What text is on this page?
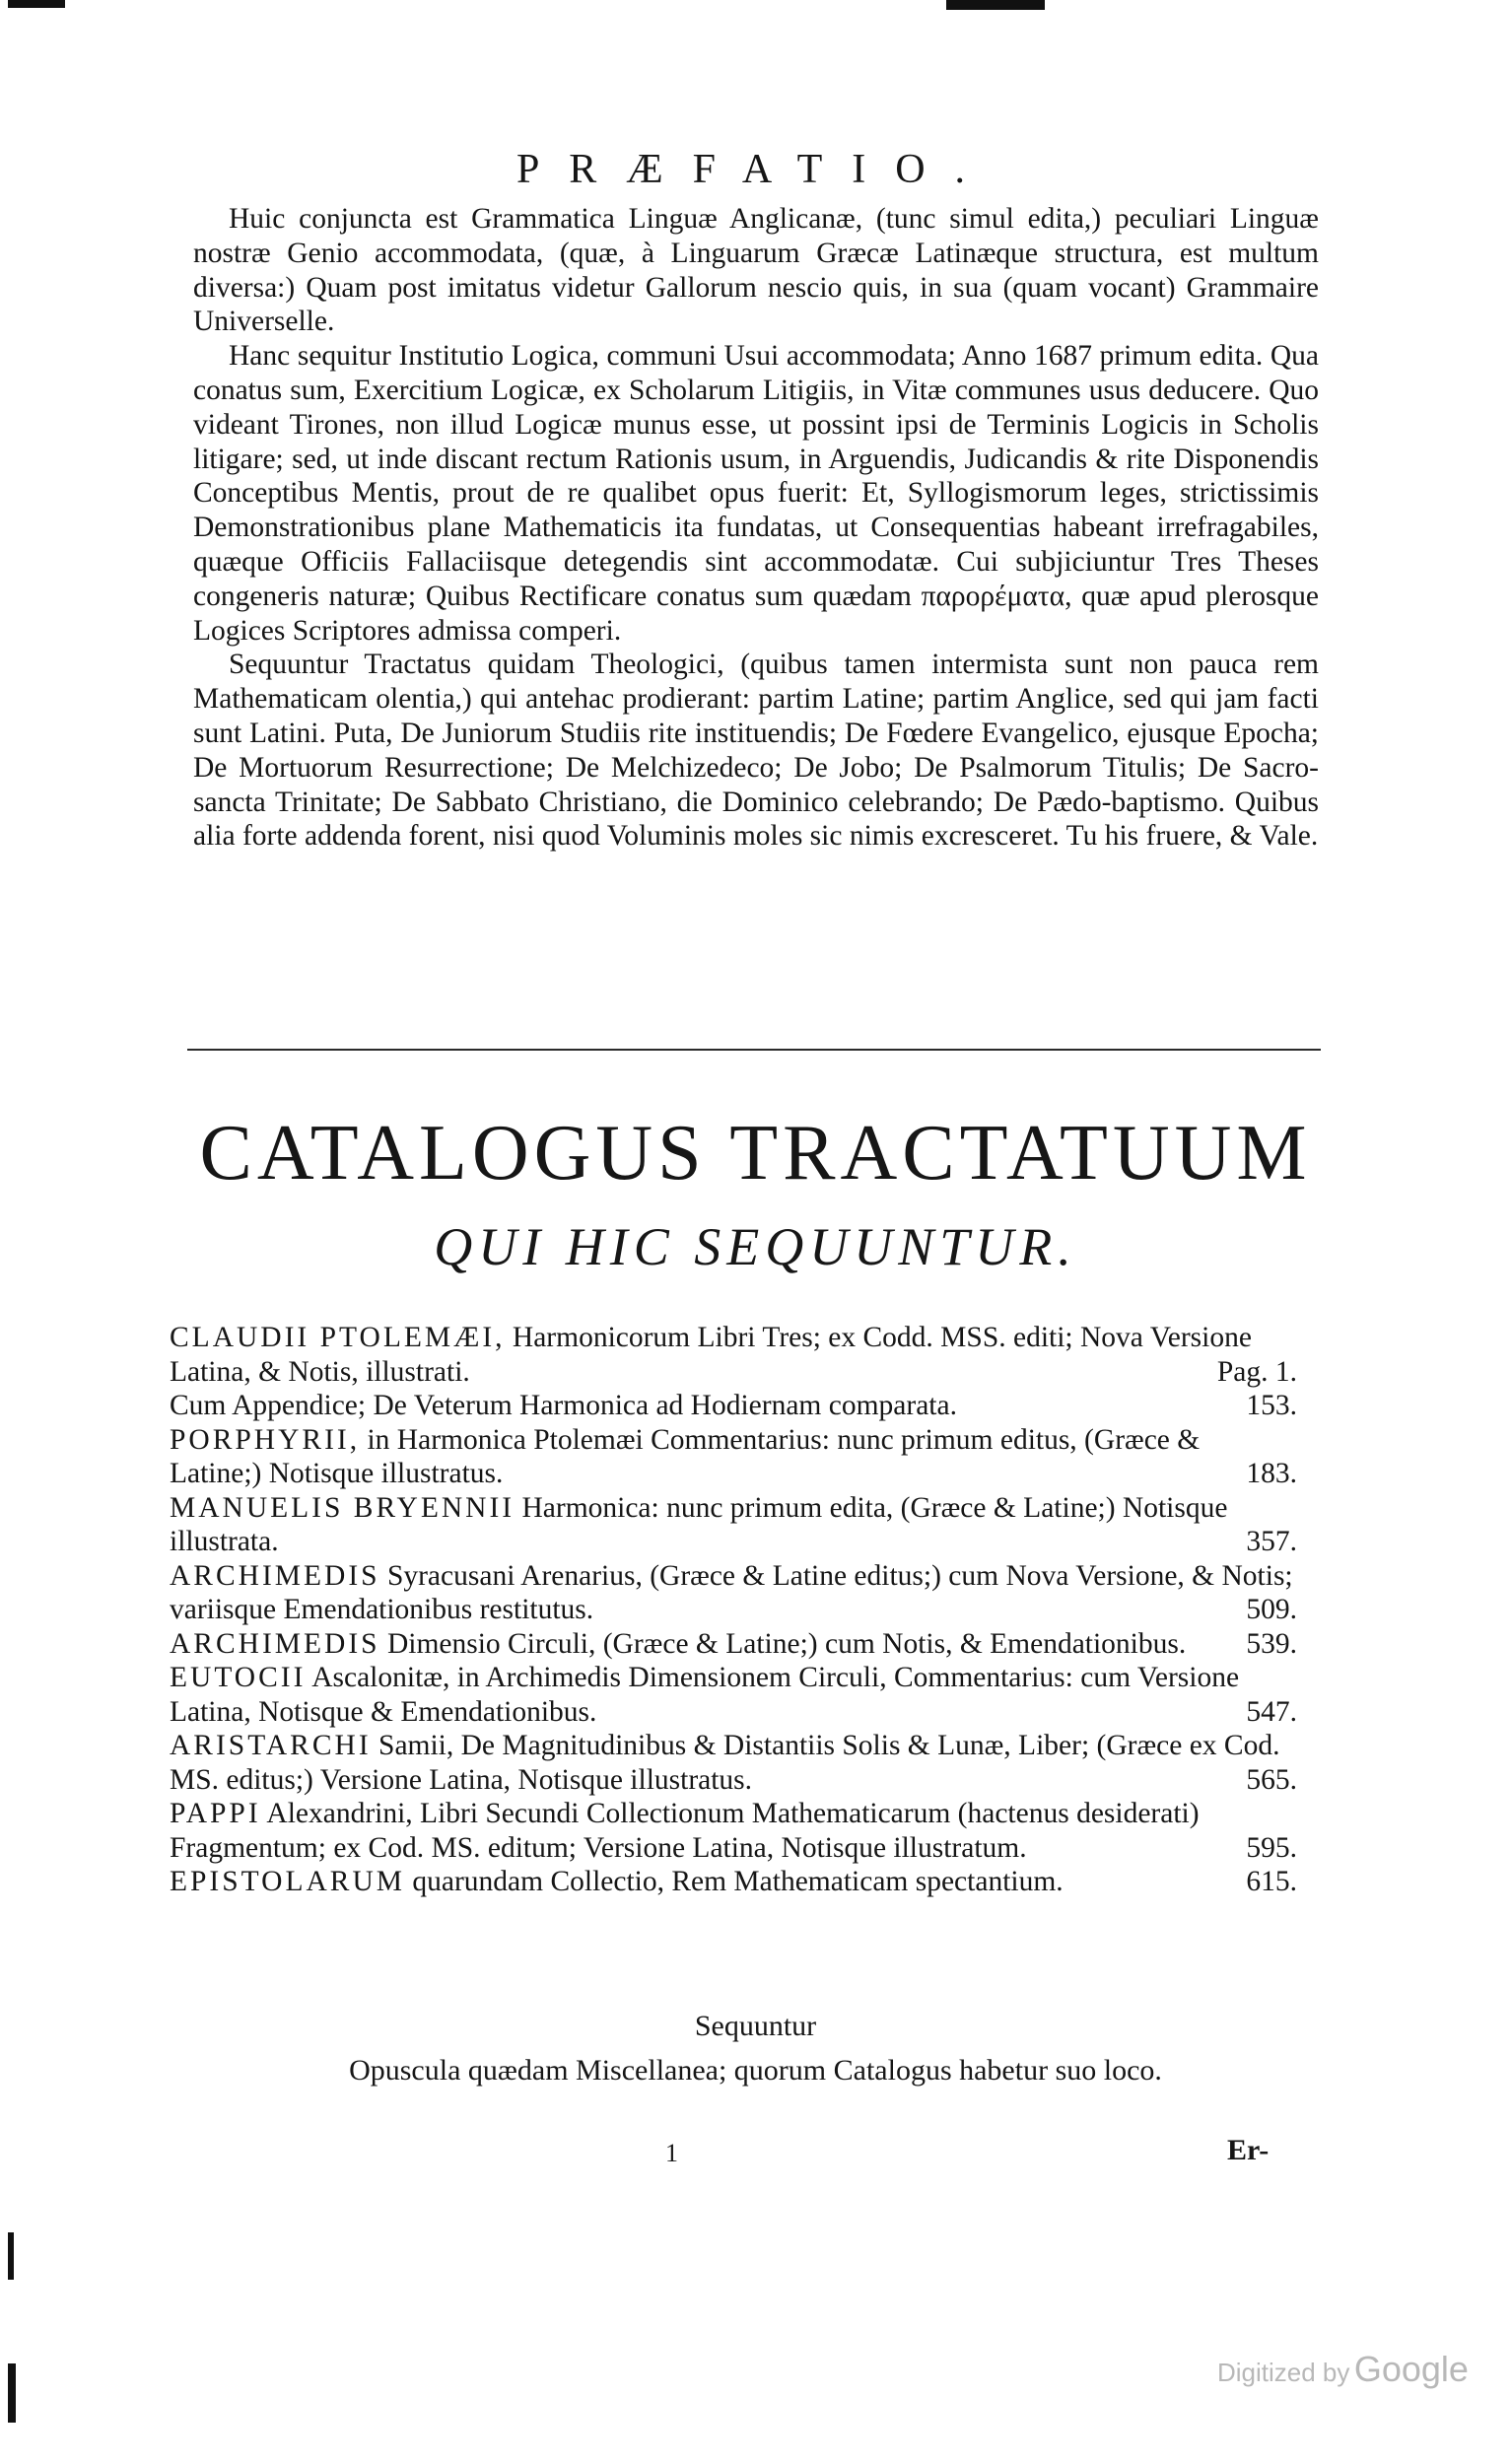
PRÆFATIO.

Huic conjuncta est Grammatica Linguæ Anglicanæ, (tunc simul edita,) peculiari Linguæ nostræ Genio accommodata, (quæ, à Linguarum Græcæ Latinæque structura, est multum diversa:) Quam post imitatus videtur Gallorum nescio quis, in sua (quam vocant) Grammaire Universelle.

Hanc sequitur Institutio Logica, communi Usui accommodata; Anno 1687 primum edita. Qua conatus sum, Exercitium Logicæ, ex Scholarum Litigiis, in Vitæ communes usus deducere. Quo videant Tirones, non illud Logicæ munus esse, ut possint ipsi de Terminis Logicis in Scholis litigare; sed, ut inde discant rectum Rationis usum, in Arguendis, Judicandis & rite Disponendis Conceptibus Mentis, prout de re qualibet opus fuerit: Et, Syllogismorum leges, strictissimis Demonstrationibus plane Mathematicis ita fundatas, ut Consequentias habeant irrefragabiles, quæque Officiis Fallaciisque detegendis sint accommodatæ. Cui subjiciuntur Tres Theses congeneris naturæ; Quibus Rectificare conatus sum quædam παρορέματα, quæ apud plerosque Logices Scriptores admissa comperi.

Sequuntur Tractatus quidam Theologici, (quibus tamen intermista sunt non pauca rem Mathematicam olentia,) qui antehac prodierant: partim Latine; partim Anglice, sed qui jam facti sunt Latini. Puta, De Juniorum Studiis rite instituendis; De Fœdere Evangelico, ejusque Epocha; De Mortuorum Resurrectione; De Melchizedeco; De Jobo; De Psalmorum Titulis; De Sacro-sancta Trinitate; De Sabbato Christiano, die Dominico celebrando; De Pædo-baptismo. Quibus alia forte addenda forent, nisi quod Voluminis moles sic nimis excresceret. Tu his fruere, & Vale.

CATALOGUS TRACTATUUM
QUI HIC SEQUUNTUR.
CLAUDII PTOLEMÆI, Harmonicorum Libri Tres; ex Codd. MSS. editi; Nova Versione Latina, & Notis, illustrati.	Pag. 1.
Cum Appendice; De Veterum Harmonica ad Hodiernam comparata.	153.
PORPHYRII, in Harmonica Ptolemæi Commentarius: nunc primum editus, (Græce & Latine;) Notisque illustratus.	183.
MANUELIS BRYENNII Harmonica: nunc primum edita, (Græce & Latine;) Notisque illustrata.	357.
ARCHIMEDIS Syracusani Arenarius, (Græce & Latine editus;) cum Nova Versione, & Notis; variisque Emendationibus restitutus.	509.
ARCHIMEDIS Dimensio Circuli, (Græce & Latine;) cum Notis, & Emendationibus. 539.
EUTOCII Ascalonitæ, in Archimedis Dimensionem Circuli, Commentarius: cum Versione Latina, Notisque & Emendationibus.	547.
ARISTARCHI Samii, De Magnitudinibus & Distantiis Solis & Lunæ, Liber; (Græce ex Cod. MS. editus;) Versione Latina, Notisque illustratus.	565.
PAPPI Alexandrini, Libri Secundi Collectionum Mathematicarum (hactenus desiderati) Fragmentum; ex Cod. MS. editum; Versione Latina, Notisque illustratum.	595.
EPISTOLARUM quarundam Collectio, Rem Mathematicam spectantium.	615.
Sequuntur
Opuscula quædam Miscellanea; quorum Catalogus habetur suo loco.
1	Er-
Digitized by Google
